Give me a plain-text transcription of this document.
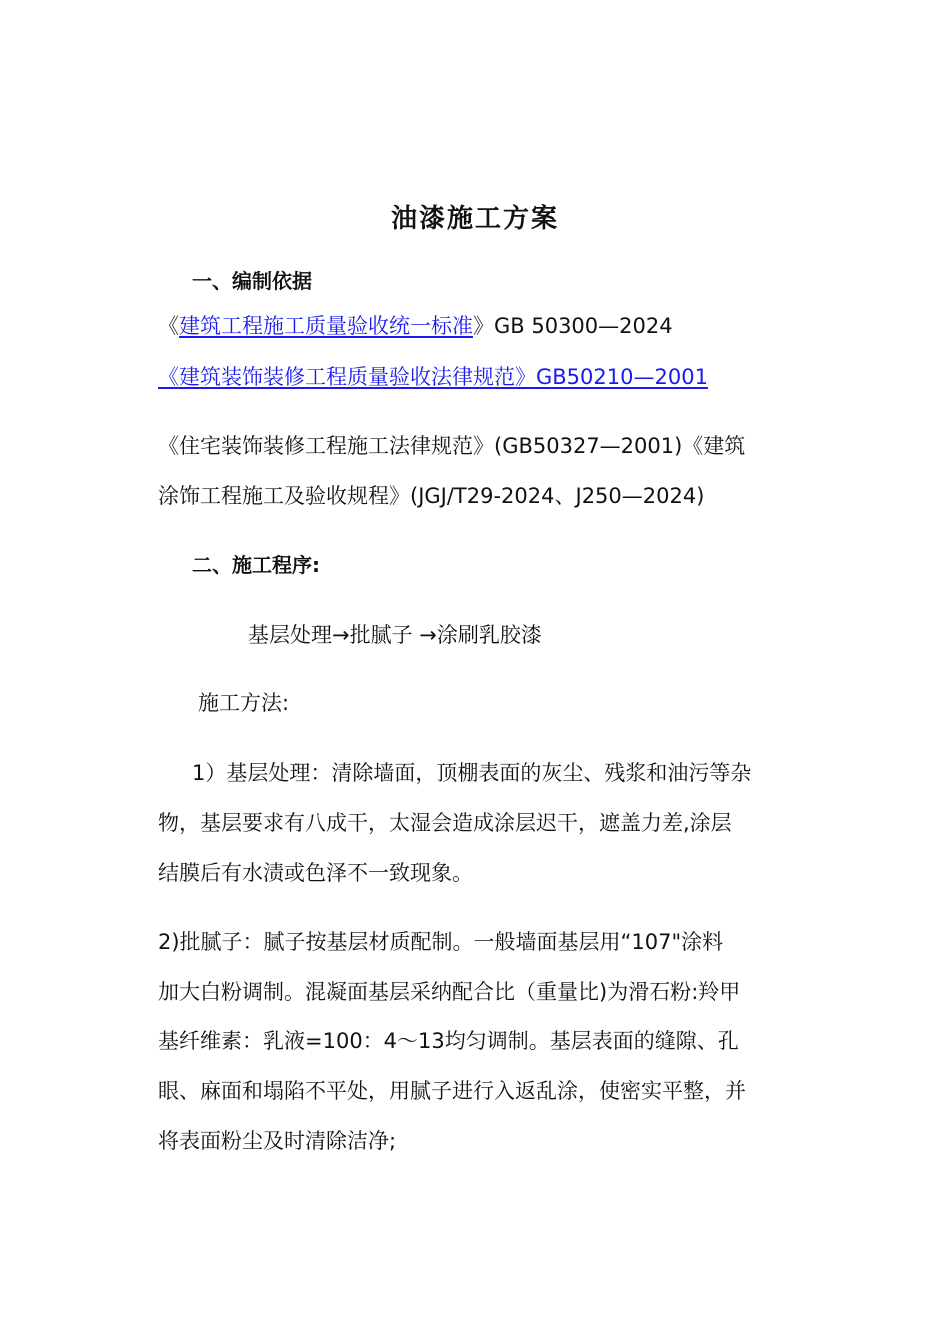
油漆施工方案
一、编制依据
《建筑工程施工质量验收统一标准》GB 50300—2024
《建筑装饰装修工程质量验收法律规范》GB50210—2001
《住宅装饰装修工程施工法律规范》(GB50327—2001)《建筑
涂饰工程施工及验收规程》(JGJ/T29-2024、J250—2024)
二、施工程序:
基层处理→批腻子 →涂刷乳胶漆
施工方法:
1）基层处理：清除墙面，顶棚表面的灰尘、残浆和油污等杂
物，基层要求有八成干，太湿会造成涂层迟干，遮盖力差,涂层
结膜后有水渍或色泽不一致现象。
2)批腻子：腻子按基层材质配制。一般墙面基层用“107"涂料
加大白粉调制。混凝面基层采纳配合比（重量比)为滑石粉:羚甲
基纤维素：乳液=100：4～13均匀调制。基层表面的缝隙、孔
眼、麻面和塌陷不平处，用腻子进行入返乱涂，使密实平整，并
将表面粉尘及时清除洁净;
